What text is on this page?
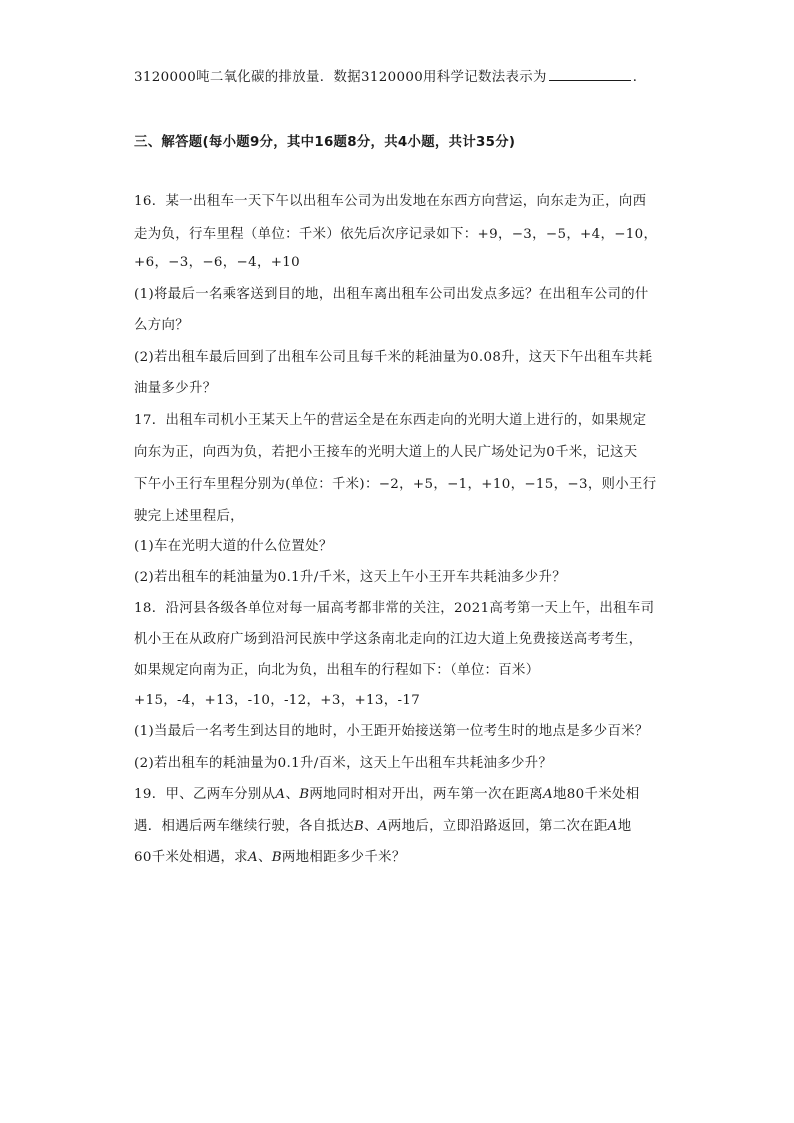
3120000吨二氧化碳的排放量．数据3120000用科学记数法表示为	．
三、解答题(每小题9分，其中16题8分，共4小题，共计35分)
16．某一出租车一天下午以出租车公司为出发地在东西方向营运，向东走为正，向西
走为负，行车里程（单位：千米）依先后次序记录如下：+9，−3，−5，+4，−10，
+6，−3，−6，−4，+10
(1)将最后一名乘客送到目的地，出租车离出租车公司出发点多远？在出租车公司的什
么方向？
(2)若出租车最后回到了出租车公司且每千米的耗油量为0.08升，这天下午出租车共耗
油量多少升？
17．出租车司机小王某天上午的营运全是在东西走向的光明大道上进行的，如果规定
向东为正，向西为负，若把小王接车的光明大道上的人民广场处记为0千米，记这天
下午小王行车里程分别为(单位：千米)：−2，+5，−1，+10，−15，−3，则小王行
驶完上述里程后，
(1)车在光明大道的什么位置处？
(2)若出租车的耗油量为0.1升/千米，这天上午小王开车共耗油多少升？
18．沿河县各级各单位对每一届高考都非常的关注，2021高考第一天上午，出租车司
机小王在从政府广场到沿河民族中学这条南北走向的江边大道上免费接送高考考生，
如果规定向南为正，向北为负，出租车的行程如下：（单位：百米）
+15，-4，+13，-10，-12，+3，+13，-17
(1)当最后一名考生到达目的地时，小王距开始接送第一位考生时的地点是多少百米？
(2)若出租车的耗油量为0.1升/百米，这天上午出租车共耗油多少升？
19．甲、乙两车分别从A、B两地同时相对开出，两车第一次在距离A地80千米处相
遇．相遇后两车继续行驶，各自抵达B、A两地后，立即沿路返回，第二次在距A地
60千米处相遇，求A、B两地相距多少千米？
